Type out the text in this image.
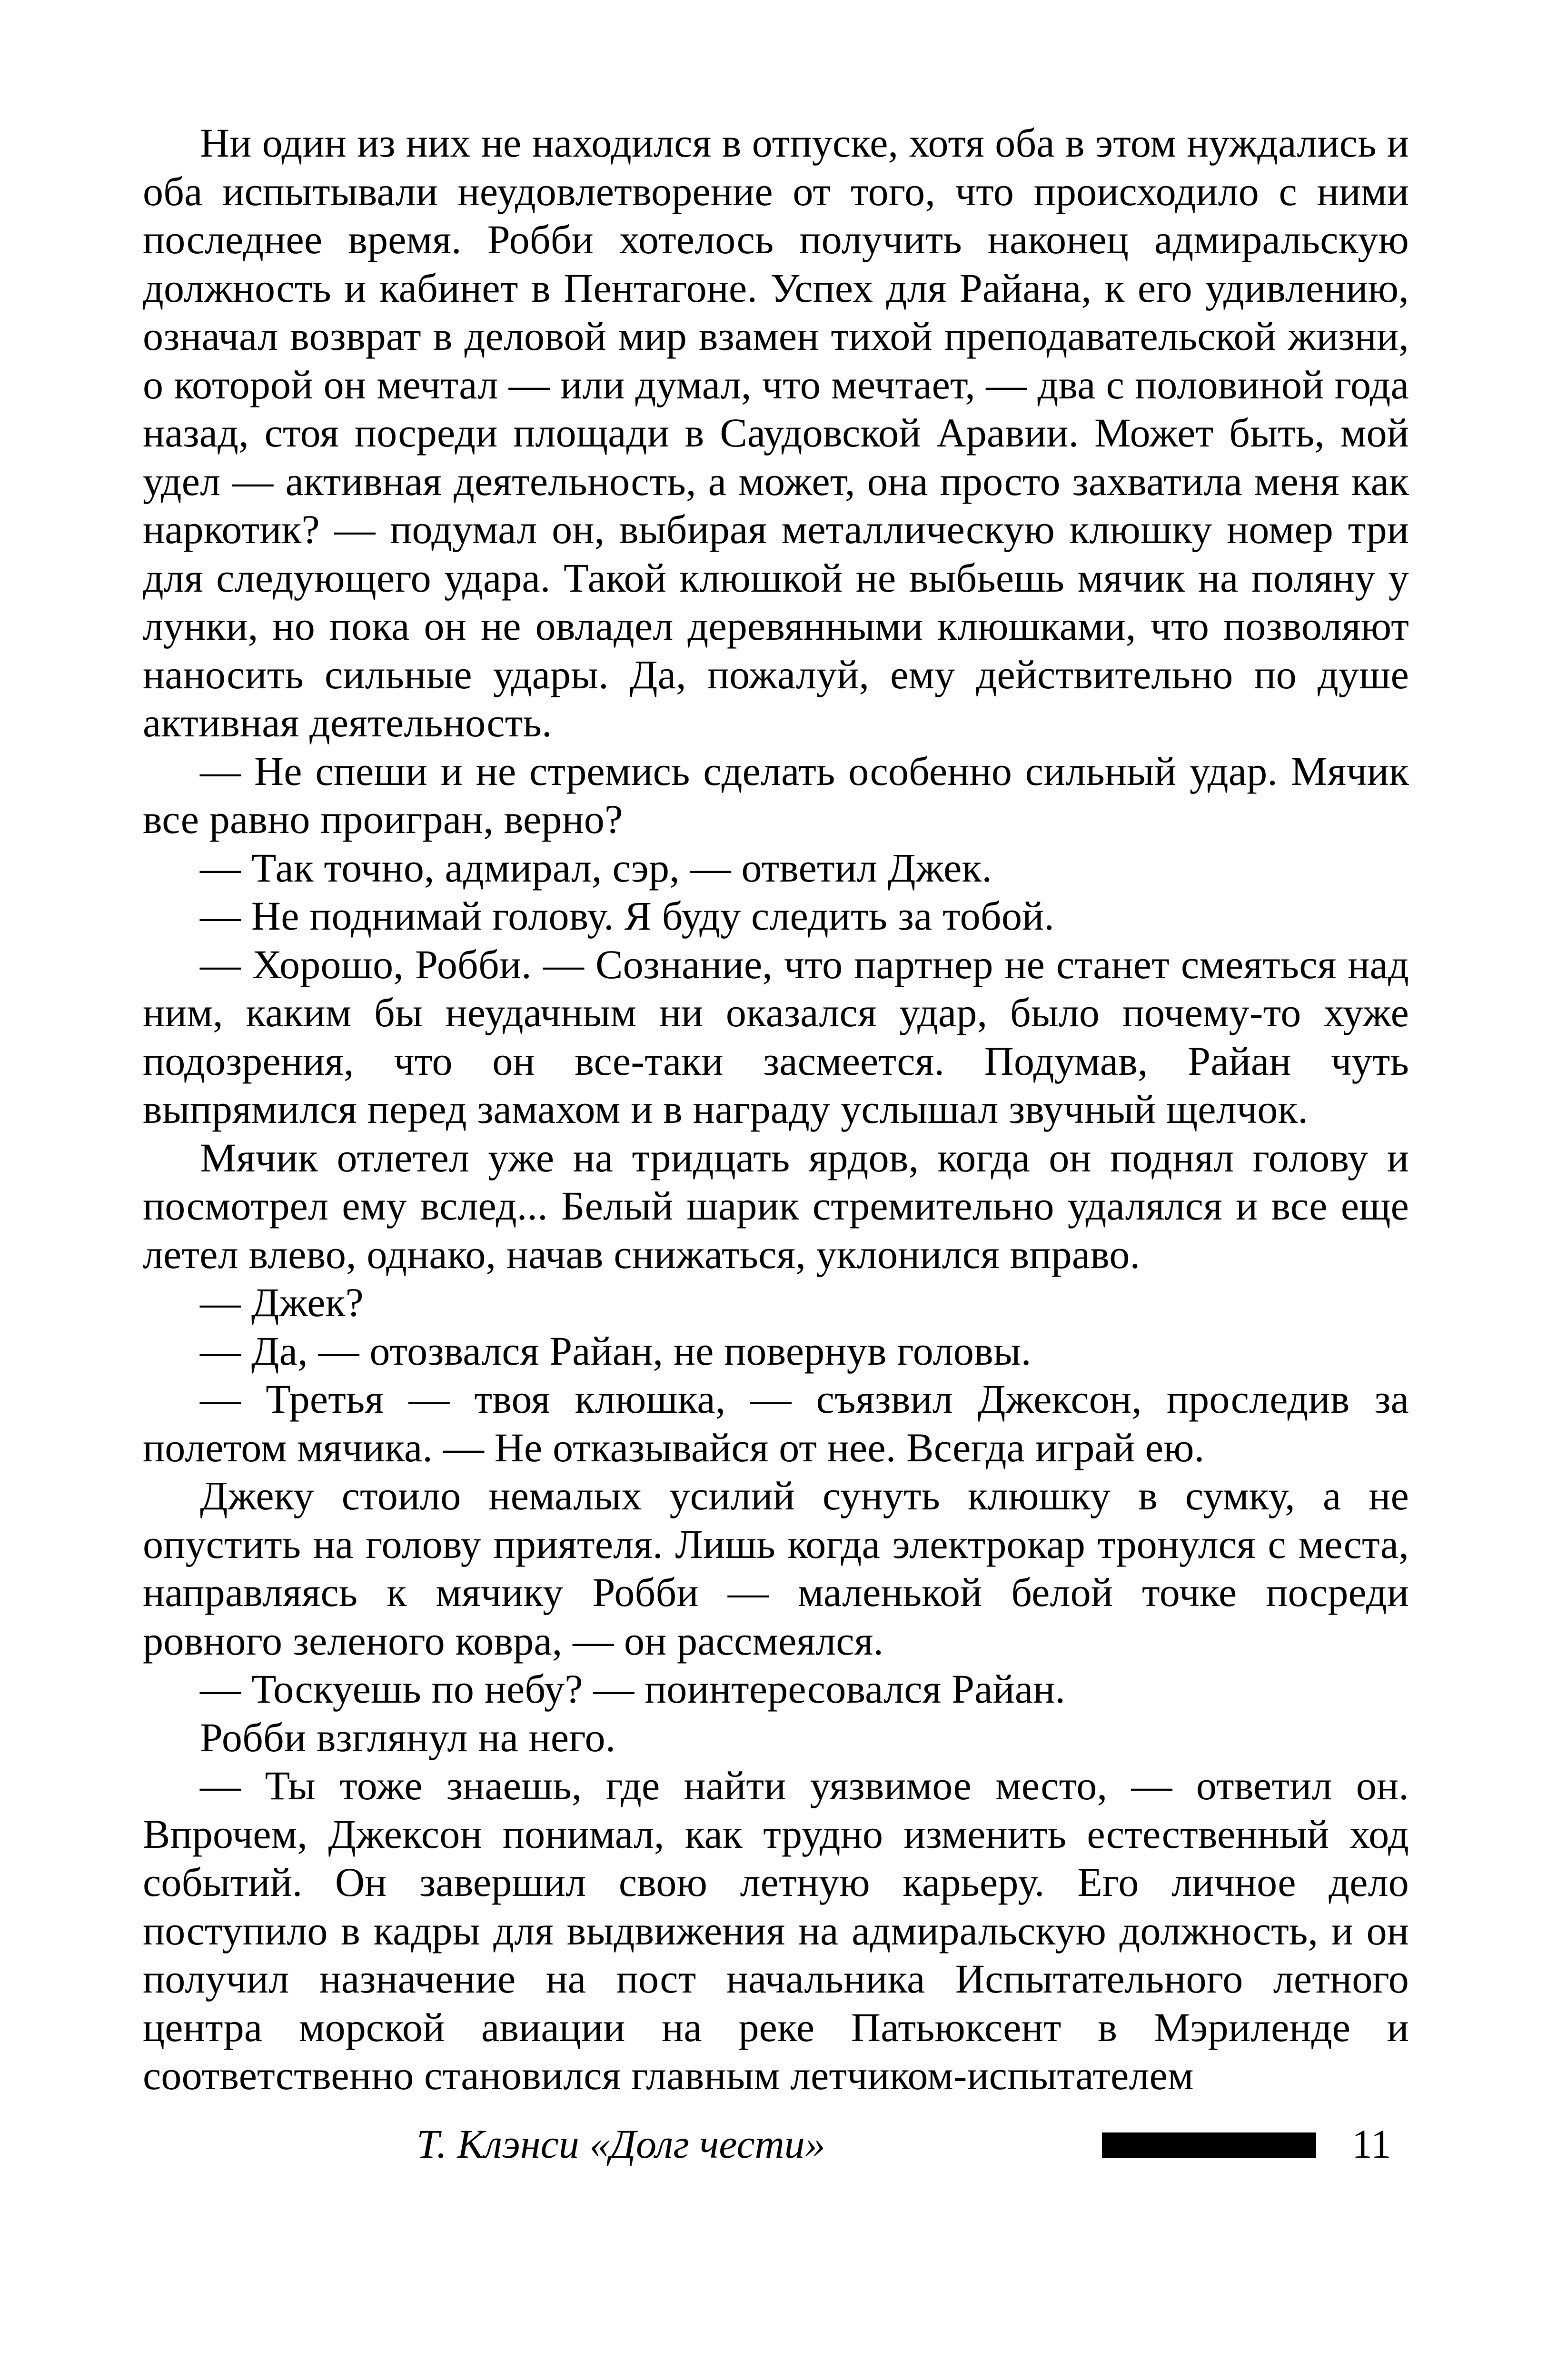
Ни один из них не находился в отпуске, хотя оба в этом нуждались и оба испытывали неудовлетворение от того, что происходило с ними последнее время. Робби хотелось получить наконец адмиральскую должность и кабинет в Пентагоне. Успех для Райана, к его удивлению, означал возврат в деловой мир взамен тихой преподавательской жизни, о которой он мечтал — или думал, что мечтает, — два с половиной года назад, стоя посреди площади в Саудовской Аравии. Может быть, мой удел — активная деятельность, а может, она просто захватила меня как наркотик? — подумал он, выбирая металлическую клюшку номер три для следующего удара. Такой клюшкой не выбьешь мячик на поляну у лунки, но пока он не овладел деревянными клюшками, что позволяют наносить сильные удары. Да, пожалуй, ему действительно по душе активная деятельность.

— Не спеши и не стремись сделать особенно сильный удар. Мячик все равно проигран, верно?

— Так точно, адмирал, сэр, — ответил Джек.

— Не поднимай голову. Я буду следить за тобой.

— Хорошо, Робби. — Сознание, что партнер не станет смеяться над ним, каким бы неудачным ни оказался удар, было почему-то хуже подозрения, что он все-таки засмеется. Подумав, Райан чуть выпрямился перед замахом и в награду услышал звучный щелчок.

Мячик отлетел уже на тридцать ярдов, когда он поднял голову и посмотрел ему вслед... Белый шарик стремительно удалялся и все еще летел влево, однако, начав снижаться, уклонился вправо.

— Джек?

— Да, — отозвался Райан, не повернув головы.

— Третья — твоя клюшка, — съязвил Джексон, проследив за полетом мячика. — Не отказывайся от нее. Всегда играй ею.

Джеку стоило немалых усилий сунуть клюшку в сумку, а не опустить на голову приятеля. Лишь когда электрокар тронулся с места, направляясь к мячику Робби — маленькой белой точке посреди ровного зеленого ковра, — он рассмеялся.

— Тоскуешь по небу? — поинтересовался Райан.

Робби взглянул на него.

— Ты тоже знаешь, где найти уязвимое место, — ответил он. Впрочем, Джексон понимал, как трудно изменить естественный ход событий. Он завершил свою летную карьеру. Его личное дело поступило в кадры для выдвижения на адмиральскую должность, и он получил назначение на пост начальника Испытательного летного центра морской авиации на реке Патьюксент в Мэриленде и соответственно становился главным летчиком-испытателем

Т. Клэнси «Долг чести»	11
